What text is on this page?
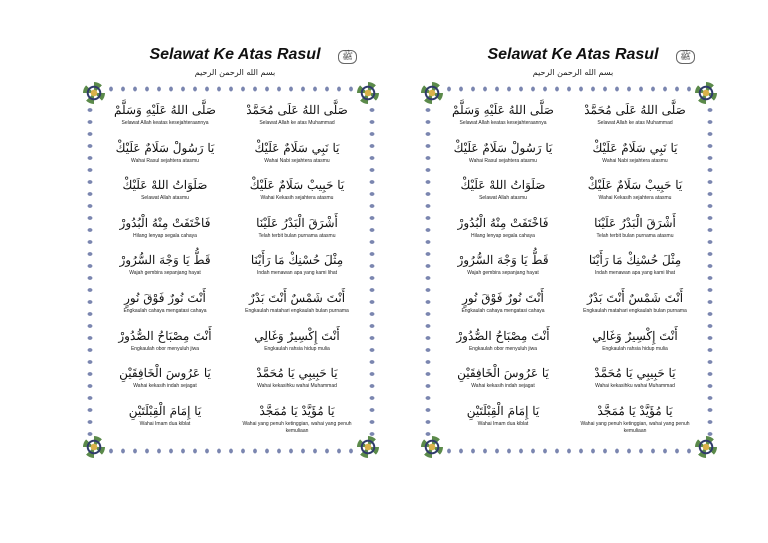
Selawat Ke Atas Rasul	ﷺ
بسم الله الرحمن الرحيم
صَلَّى اللهُ عَلَيْهِ وَسَلَّمْ
Selawat Allah keatas kesejahteraannya
صَلَّى اللهُ عَلَى مُحَمَّدْ
Selawat Allah ke atas Muhammad
يَا رَسُولْ سَلَامٌ عَلَيْكْ
Wahai Rasul sejahtera atasmu
يَا نَبِي سَلَامٌ عَلَيْكْ
Wahai Nabi sejahtera atasmu
صَلَوَاتُ اللهْ عَلَيْكْ
Selawat Allah atasmu
يَا حَبِيبْ سَلَامٌ عَلَيْكْ
Wahai Kekasih sejahtera atasmu
فَاخْتَفَتْ مِنْهُ الْبُدُورْ
Hilang lenyap segala cahaya
أَشْرَقَ الْبَدْرُ عَلَيْنَا
Telah terbit bulan purnama atasmu
قَطُّ يَا وَجْهَ السُّرُورْ
Wajah gembira sepanjang hayat
مِثْلَ حُسْنِكْ مَا رَأَيْنَا
Indah menawan apa yang kami lihat
أَنْتَ نُورٌ فَوْقَ نُورٍ
Engkaulah cahaya mengatasi cahaya
أَنْتَ شَمْسٌ أَنْتَ بَدْرٌ
Engkaulah matahari engkaulah bulan purnama
أَنْتَ مِصْبَاحُ الصُّدُورْ
Engkaulah obor menyuluh jiwa
أَنْتَ إِكْسِيرٌ وَغَالِي
Engkaulah rahsia hidup mulia
يَا عَرُوسَ الْخَافِقَيْنِ
Wahai kekasih indah sejagat
يَا حَبِيبِي يَا مُحَمَّدْ
Wahai kekasihku wahai Muhammad
يَا إِمَامَ الْقِبْلَتَيْنِ
Wahai Imam dua kiblat
يَا مُؤَيَّدْ يَا مُمَجَّدْ
Wahai yang penuh ketinggian, wahai yang penuh kemuliaan
Selawat Ke Atas Rasul	ﷺ
بسم الله الرحمن الرحيم
صَلَّى اللهُ عَلَيْهِ وَسَلَّمْ
Selawat Allah keatas kesejahteraannya
صَلَّى اللهُ عَلَى مُحَمَّدْ
Selawat Allah ke atas Muhammad
يَا رَسُولْ سَلَامٌ عَلَيْكْ
Wahai Rasul sejahtera atasmu
يَا نَبِي سَلَامٌ عَلَيْكْ
Wahai Nabi sejahtera atasmu
صَلَوَاتُ اللهْ عَلَيْكْ
Selawat Allah atasmu
يَا حَبِيبْ سَلَامٌ عَلَيْكْ
Wahai Kekasih sejahtera atasmu
فَاخْتَفَتْ مِنْهُ الْبُدُورْ
Hilang lenyap segala cahaya
أَشْرَقَ الْبَدْرُ عَلَيْنَا
Telah terbit bulan purnama atasmu
قَطُّ يَا وَجْهَ السُّرُورْ
Wajah gembira sepanjang hayat
مِثْلَ حُسْنِكْ مَا رَأَيْنَا
Indah menawan apa yang kami lihat
أَنْتَ نُورٌ فَوْقَ نُورٍ
Engkaulah cahaya mengatasi cahaya
أَنْتَ شَمْسٌ أَنْتَ بَدْرٌ
Engkaulah matahari engkaulah bulan purnama
أَنْتَ مِصْبَاحُ الصُّدُورْ
Engkaulah obor menyuluh jiwa
أَنْتَ إِكْسِيرٌ وَغَالِي
Engkaulah rahsia hidup mulia
يَا عَرُوسَ الْخَافِقَيْنِ
Wahai kekasih indah sejagat
يَا حَبِيبِي يَا مُحَمَّدْ
Wahai kekasihku wahai Muhammad
يَا إِمَامَ الْقِبْلَتَيْنِ
Wahai Imam dua kiblat
يَا مُؤَيَّدْ يَا مُمَجَّدْ
Wahai yang penuh ketinggian, wahai yang penuh kemuliaan
